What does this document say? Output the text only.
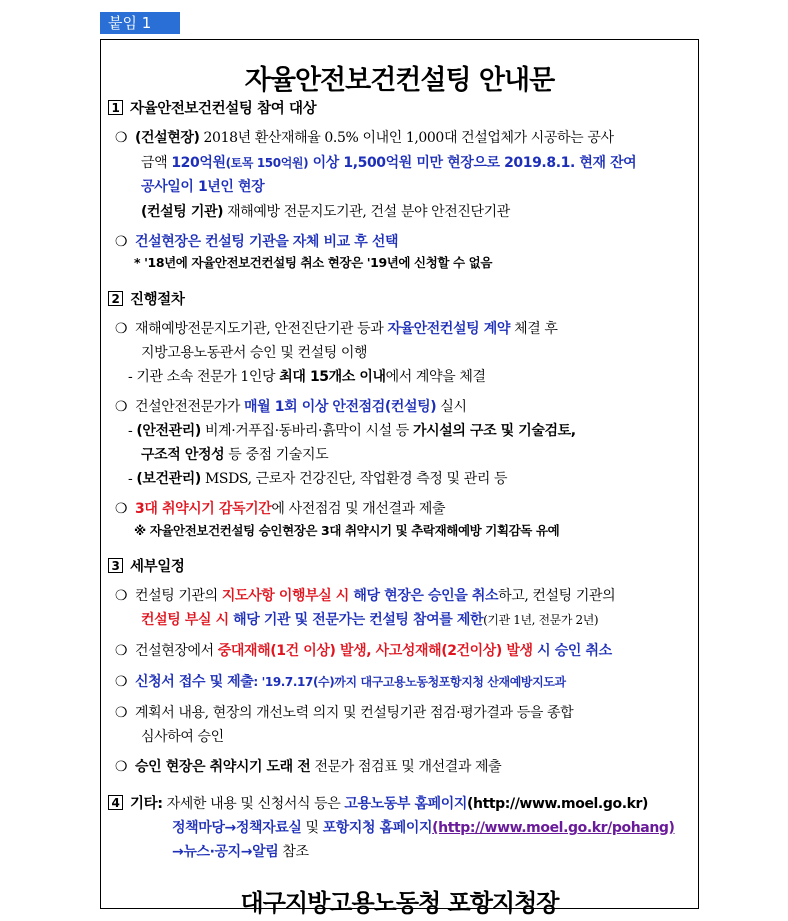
붙임 1
자율안전보건컨설팅 안내문
1 자율안전보건컨설팅 참여 대상
❍ (건설현장) 2018년 환산재해율 0.5% 이내인 1,000대 건설업체가 시공하는 공사
금액 120억원(토목 150억원) 이상 1,500억원 미만 현장으로 2019.8.1. 현재 잔여
공사일이 1년인 현장
(컨설팅 기관) 재해예방 전문지도기관, 건설 분야 안전진단기관
❍ 건설현장은 컨설팅 기관을 자체 비교 후 선택
* '18년에 자율안전보건컨설팅 취소 현장은 '19년에 신청할 수 없음
2 진행절차
❍ 재해예방전문지도기관, 안전진단기관 등과 자율안전컨설팅 계약 체결 후
지방고용노동관서 승인 및 컨설팅 이행
- 기관 소속 전문가 1인당 최대 15개소 이내에서 계약을 체결
❍ 건설안전전문가가 매월 1회 이상 안전점검(컨설팅) 실시
- (안전관리) 비계·거푸집·동바리·흙막이 시설 등 가시설의 구조 및 기술검토,
구조적 안정성 등 중점 기술지도
- (보건관리) MSDS, 근로자 건강진단, 작업환경 측정 및 관리 등
❍ 3대 취약시기 감독기간에 사전점검 및 개선결과 제출
※ 자율안전보건컨설팅 승인현장은 3대 취약시기 및 추락재해예방 기획감독 유예
3 세부일정
❍ 컨설팅 기관의 지도사항 이행부실 시 해당 현장은 승인을 취소하고, 컨설팅 기관의
컨설팅 부실 시 해당 기관 및 전문가는 컨설팅 참여를 제한(기관 1년, 전문가 2년)
❍ 건설현장에서 중대재해(1건 이상) 발생, 사고성재해(2건이상) 발생 시 승인 취소
❍ 신청서 접수 및 제출: '19.7.17(수)까지 대구고용노동청포항지청 산재예방지도과
❍ 계획서 내용, 현장의 개선노력 의지 및 컨설팅기관 점검·평가결과 등을 종합
심사하여 승인
❍ 승인 현장은 취약시기 도래 전 전문가 점검표 및 개선결과 제출
4 기타: 자세한 내용 및 신청서식 등은 고용노동부 홈페이지(http://www.moel.go.kr)
정책마당→정책자료실 및 포항지청 홈페이지(http://www.moel.go.kr/pohang)
→뉴스·공지→알림 참조
대구지방고용노동청 포항지청장
